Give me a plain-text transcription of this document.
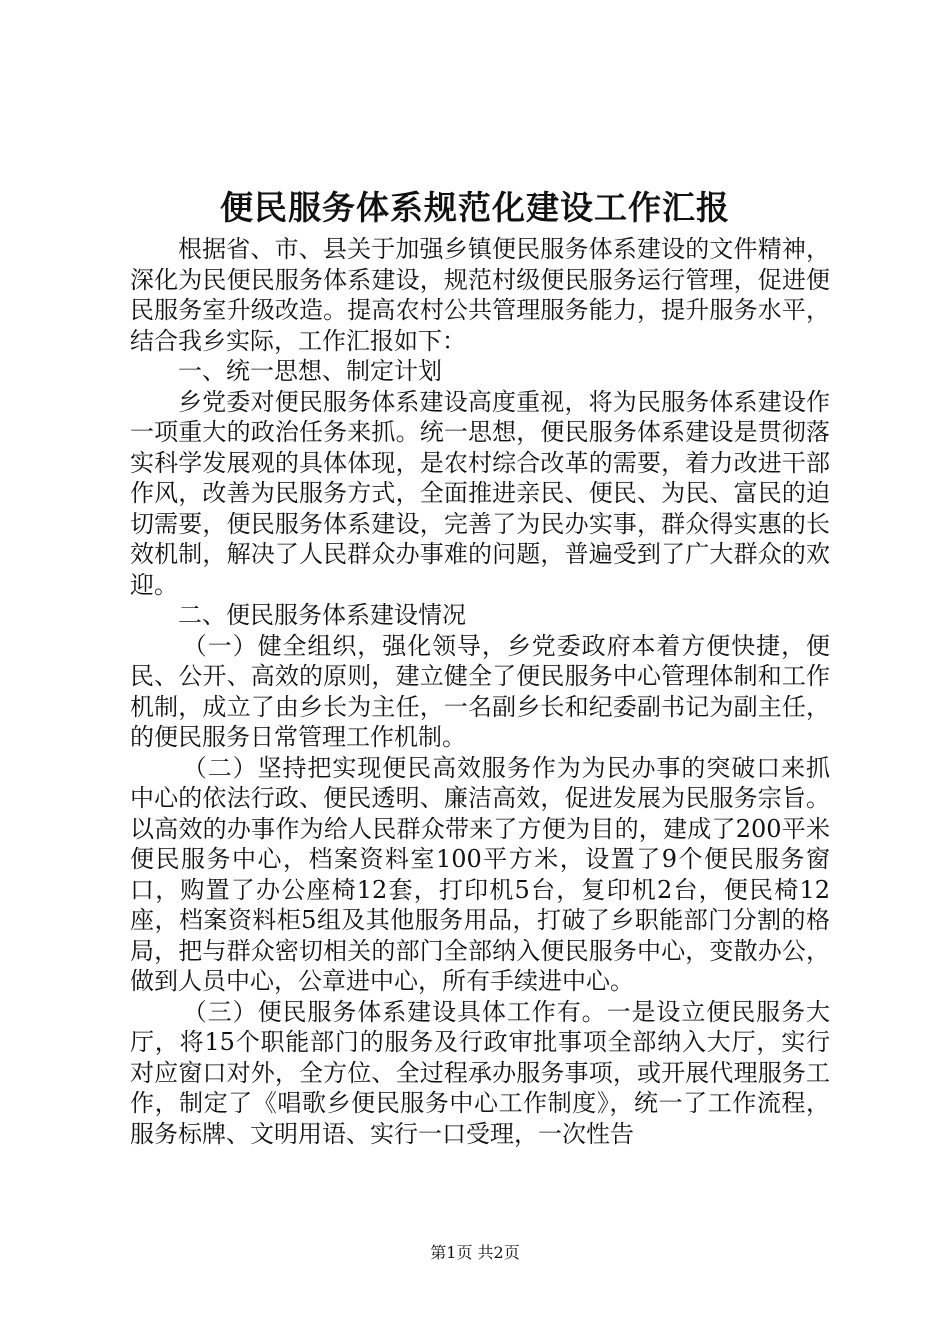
便民服务体系规范化建设工作汇报

根据省、市、县关于加强乡镇便民服务体系建设的文件精神，深化为民便民服务体系建设，规范村级便民服务运行管理，促进便民服务室升级改造。提高农村公共管理服务能力，提升服务水平，结合我乡实际，工作汇报如下：

一、统一思想、制定计划

乡党委对便民服务体系建设高度重视，将为民服务体系建设作一项重大的政治任务来抓。统一思想，便民服务体系建设是贯彻落实科学发展观的具体体现，是农村综合改革的需要，着力改进干部作风，改善为民服务方式，全面推进亲民、便民、为民、富民的迫切需要，便民服务体系建设，完善了为民办实事，群众得实惠的长效机制，解决了人民群众办事难的问题，普遍受到了广大群众的欢迎。

二、便民服务体系建设情况

（一）健全组织，强化领导，乡党委政府本着方便快捷，便民、公开、高效的原则，建立健全了便民服务中心管理体制和工作机制，成立了由乡长为主任，一名副乡长和纪委副书记为副主任，的便民服务日常管理工作机制。

（二）坚持把实现便民高效服务作为为民办事的突破口来抓中心的依法行政、便民透明、廉洁高效，促进发展为民服务宗旨。以高效的办事作为给人民群众带来了方便为目的，建成了200平米便民服务中心，档案资料室100平方米，设置了9个便民服务窗口，购置了办公座椅12套，打印机5台，复印机2台，便民椅12座，档案资料柜5组及其他服务用品，打破了乡职能部门分割的格局，把与群众密切相关的部门全部纳入便民服务中心，变散办公，做到人员中心，公章进中心，所有手续进中心。

（三）便民服务体系建设具体工作有。一是设立便民服务大厅，将15个职能部门的服务及行政审批事项全部纳入大厅，实行对应窗口对外，全方位、全过程承办服务事项，或开展代理服务工作，制定了《唱歌乡便民服务中心工作制度》，统一了工作流程，服务标牌、文明用语、实行一口受理，一次性告

第1页 共2页
